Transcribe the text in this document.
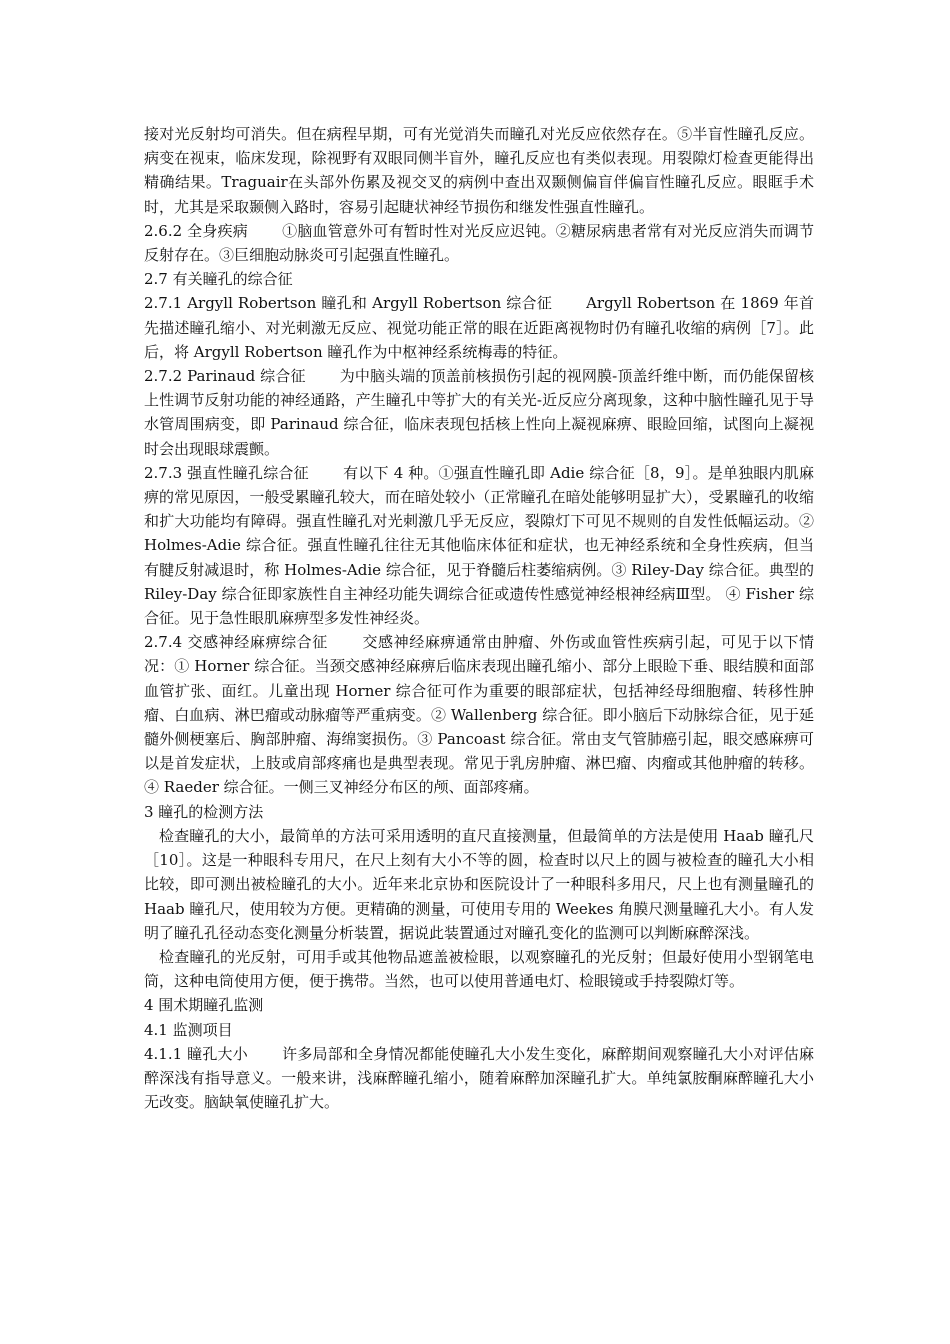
接对光反射均可消失。但在病程早期，可有光觉消失而瞳孔对光反应依然存在。⑤半盲性瞳孔反应。病变在视束，临床发现，除视野有双眼同侧半盲外，瞳孔反应也有类似表现。用裂隙灯检查更能得出精确结果。Traguair在头部外伤累及视交叉的病例中查出双颞侧偏盲伴偏盲性瞳孔反应。眼眶手术时，尤其是采取颞侧入路时，容易引起睫状神经节损伤和继发性强直性瞳孔。

2.6.2 全身疾病 ①脑血管意外可有暂时性对光反应迟钝。②糖尿病患者常有对光反应消失而调节反射存在。③巨细胞动脉炎可引起强直性瞳孔。

2.7 有关瞳孔的综合征

2.7.1 Argyll Robertson 瞳孔和 Argyll Robertson 综合征 Argyll Robertson 在 1869 年首先描述瞳孔缩小、对光刺激无反应、视觉功能正常的眼在近距离视物时仍有瞳孔收缩的病例［7］。此后，将 Argyll Robertson 瞳孔作为中枢神经系统梅毒的特征。

2.7.2 Parinaud 综合征 为中脑头端的顶盖前核损伤引起的视网膜-顶盖纤维中断，而仍能保留核上性调节反射功能的神经通路，产生瞳孔中等扩大的有关光-近反应分离现象，这种中脑性瞳孔见于导水管周围病变，即 Parinaud 综合征，临床表现包括核上性向上凝视麻痹、眼睑回缩，试图向上凝视时会出现眼球震颤。

2.7.3 强直性瞳孔综合征 有以下 4 种。①强直性瞳孔即 Adie 综合征［8，9］。是单独眼内肌麻痹的常见原因，一般受累瞳孔较大，而在暗处较小（正常瞳孔在暗处能够明显扩大），受累瞳孔的收缩和扩大功能均有障碍。强直性瞳孔对光刺激几乎无反应，裂隙灯下可见不规则的自发性低幅运动。② Holmes-Adie 综合征。强直性瞳孔往往无其他临床体征和症状，也无神经系统和全身性疾病，但当有腱反射减退时，称 Holmes-Adie 综合征，见于脊髓后柱萎缩病例。③ Riley-Day 综合征。典型的 Riley-Day 综合征即家族性自主神经功能失调综合征或遗传性感觉神经根神经病Ⅲ型。 ④ Fisher 综合征。见于急性眼肌麻痹型多发性神经炎。

2.7.4 交感神经麻痹综合征 交感神经麻痹通常由肿瘤、外伤或血管性疾病引起，可见于以下情况：① Horner 综合征。当颈交感神经麻痹后临床表现出瞳孔缩小、部分上眼睑下垂、眼结膜和面部血管扩张、面红。儿童出现 Horner 综合征可作为重要的眼部症状，包括神经母细胞瘤、转移性肿瘤、白血病、淋巴瘤或动脉瘤等严重病变。② Wallenberg 综合征。即小脑后下动脉综合征，见于延髓外侧梗塞后、胸部肿瘤、海绵窦损伤。③ Pancoast 综合征。常由支气管肺癌引起，眼交感麻痹可以是首发症状，上肢或肩部疼痛也是典型表现。常见于乳房肿瘤、淋巴瘤、肉瘤或其他肿瘤的转移。④ Raeder 综合征。一侧三叉神经分布区的颅、面部疼痛。

3 瞳孔的检测方法

检查瞳孔的大小，最简单的方法可采用透明的直尺直接测量，但最简单的方法是使用 Haab 瞳孔尺［10］。这是一种眼科专用尺，在尺上刻有大小不等的圆，检查时以尺上的圆与被检查的瞳孔大小相比较，即可测出被检瞳孔的大小。近年来北京协和医院设计了一种眼科多用尺，尺上也有测量瞳孔的 Haab 瞳孔尺，使用较为方便。更精确的测量，可使用专用的 Weekes 角膜尺测量瞳孔大小。有人发明了瞳孔孔径动态变化测量分析装置，据说此装置通过对瞳孔变化的监测可以判断麻醉深浅。

检查瞳孔的光反射，可用手或其他物品遮盖被检眼，以观察瞳孔的光反射；但最好使用小型钢笔电筒，这种电筒使用方便，便于携带。当然，也可以使用普通电灯、检眼镜或手持裂隙灯等。

4 围术期瞳孔监测

4.1 监测项目

4.1.1 瞳孔大小 许多局部和全身情况都能使瞳孔大小发生变化，麻醉期间观察瞳孔大小对评估麻醉深浅有指导意义。一般来讲，浅麻醉瞳孔缩小，随着麻醉加深瞳孔扩大。单纯氯胺酮麻醉瞳孔大小无改变。脑缺氧使瞳孔扩大。
